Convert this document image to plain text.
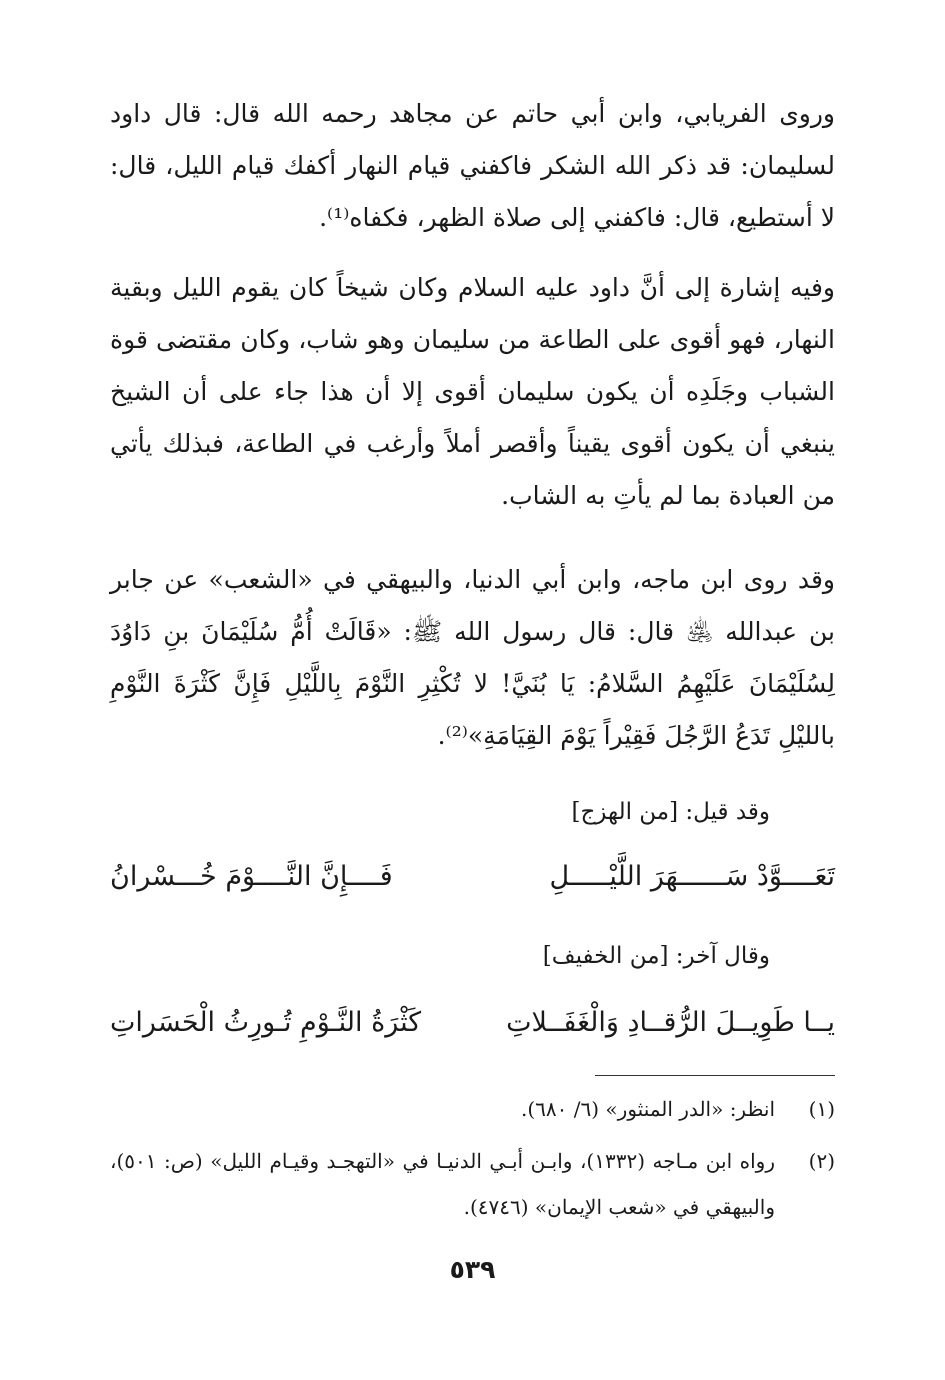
وروى الفريابي، وابن أبي حاتم عن مجاهد رحمه الله قال: قال داود لسليمان: قد ذكر الله الشكر فاكفني قيام النهار أكفك قيام الليل، قال: لا أستطيع، قال: فاكفني إلى صلاة الظهر، فكفاه⁽¹⁾.
وفيه إشارة إلى أنَّ داود عليه السلام وكان شيخاً كان يقوم الليل وبقية النهار، فهو أقوى على الطاعة من سليمان وهو شاب، وكان مقتضى قوة الشباب وجَلَدِه أن يكون سليمان أقوى إلا أن هذا جاء على أن الشيخ ينبغي أن يكون أقوى يقيناً وأقصر أملاً وأرغب في الطاعة، فبذلك يأتي من العبادة بما لم يأتِ به الشاب.
وقد روى ابن ماجه، وابن أبي الدنيا، والبيهقي في «الشعب» عن جابر بن عبدالله ﵁ قال: قال رسول الله ﷺ: «قَالَتْ أُمُّ سُلَيْمَانَ بنِ دَاوُدَ لِسُلَيْمَانَ عَلَيْهِمُ السَّلامُ: يَا بُنَيَّ! لا تُكْثِرِ النَّوْمَ بِاللَّيْلِ فَإِنَّ كَثْرَةَ النَّوْمِ بالليْلِ تَدَعُ الرَّجُلَ فَقِيْراً يَوْمَ القِيَامَةِ»⁽²⁾.
وقد قيل: [من الهزج]
تَعَــــوَّدْ سَــــــهَرَ اللَّيْـــــلِ
فَــــإِنَّ النَّــــوْمَ خُـــسْرانُ
وقال آخر: [من الخفيف]
يــا طَوِيــلَ الرُّقــادِ وَالْغَفَــلاتِ
كَثْرَةُ النَّـوْمِ تُـورِثُ الْحَسَراتِ
(١)
انظر: «الدر المنثور» (٦/ ٦٨٠).
(٢)
رواه ابن مـاجه (١٣٣٢)، وابـن أبـي الدنيـا في «التهجـد وقيـام الليل» (ص: ٥٠١)، والبيهقي في «شعب الإيمان» (٤٧٤٦).
٥٣٩
